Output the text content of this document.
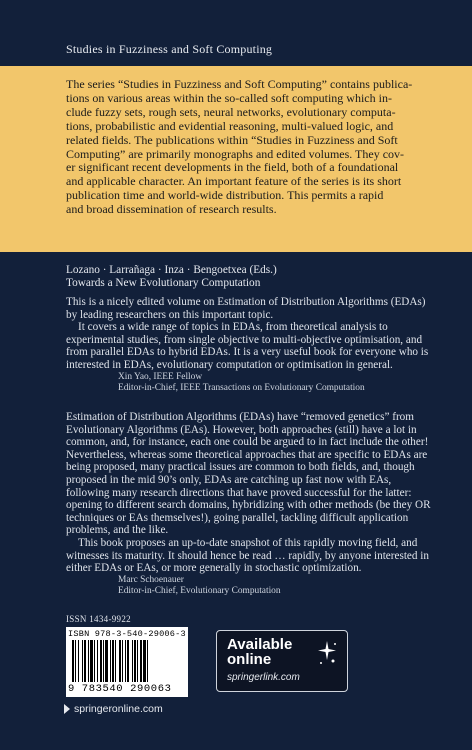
Studies in Fuzziness and Soft Computing
The series “Studies in Fuzziness and Soft Computing” contains publica-
tions on various areas within the so-called soft computing which in-
clude fuzzy sets, rough sets, neural networks, evolutionary computa-
tions, probabilistic and evidential reasoning, multi-valued logic, and
related fields. The publications within “Studies in Fuzziness and Soft
Computing” are primarily monographs and edited volumes. They cov-
er significant recent developments in the field, both of a foundational
and applicable character. An important feature of the series is its short
publication time and world-wide distribution. This permits a rapid
and broad dissemination of research results.
Lozano · Larrañaga · Inza · Bengoetxea (Eds.)
Towards a New Evolutionary Computation

This is a nicely edited volume on Estimation of Distribution Algorithms (EDAs) by leading researchers on this important topic.

It covers a wide range of topics in EDAs, from theoretical analysis to experimental studies, from single objective to multi-objective optimisation, and from parallel EDAs to hybrid EDAs. It is a very useful book for everyone who is interested in EDAs, evolutionary computation or optimisation in general.

Xin Yao, IEEE Fellow

Editor-in-Chief, IEEE Transactions on Evolutionary Computation

Estimation of Distribution Algorithms (EDAs) have “removed genetics” from Evolutionary Algorithms (EAs). However, both approaches (still) have a lot in common, and, for instance, each one could be argued to in fact include the other! Nevertheless, whereas some theoretical approaches that are specific to EDAs are being proposed, many practical issues are common to both fields, and, though proposed in the mid 90’s only, EDAs are catching up fast now with EAs, following many research directions that have proved successful for the latter: opening to different search domains, hybridizing with other methods (be they OR techniques or EAs themselves!), going parallel, tackling difficult application problems, and the like.

This book proposes an up-to-date snapshot of this rapidly moving field, and witnesses its maturity. It should hence be read … rapidly, by anyone interested in either EDAs or EAs, or more generally in stochastic optimization.

Marc Schoenauer

Editor-in-Chief, Evolutionary Computation

ISSN 1434-9922
ISBN 978-3-540-29006-3
9 783540 290063
springeronline.com
Available
online
springerlink.com
